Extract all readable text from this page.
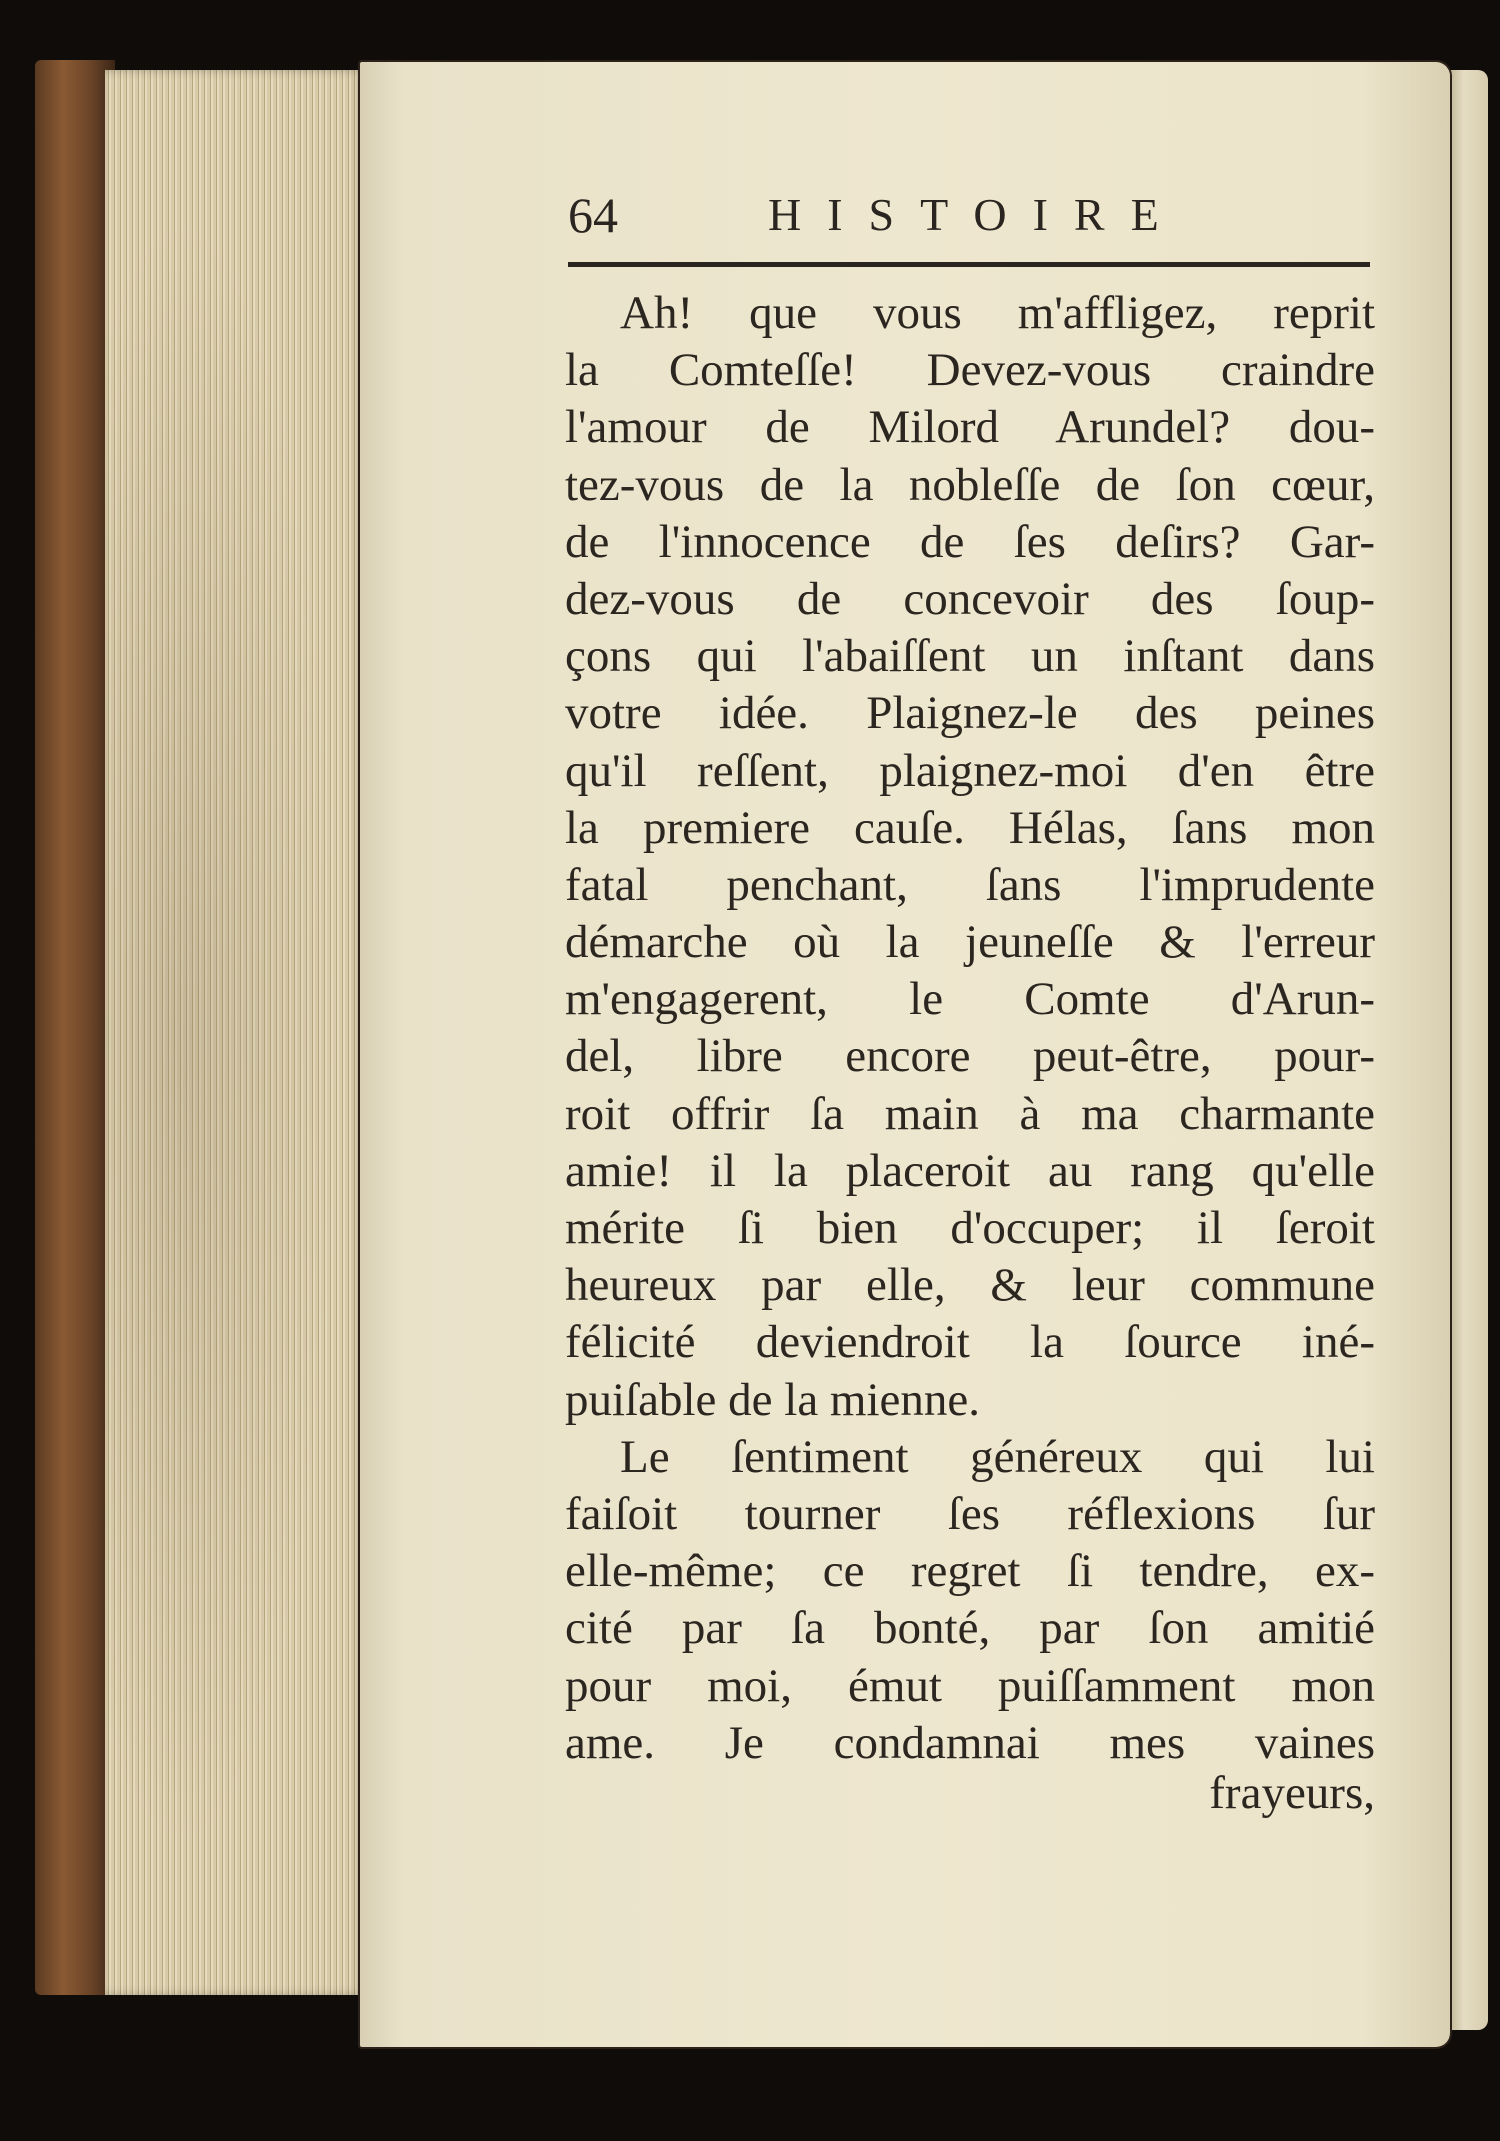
64	HISTOIRE
Ah! que vous m'affligez, reprit
la Comteſſe! Devez-vous craindre
l'amour de Milord Arundel? dou-
tez-vous de la nobleſſe de ſon cœur,
de l'innocence de ſes deſirs? Gar-
dez-vous de concevoir des ſoup-
çons qui l'abaiſſent un inſtant dans
votre idée. Plaignez-le des peines
qu'il reſſent, plaignez-moi d'en être
la premiere cauſe. Hélas, ſans mon
fatal penchant, ſans l'imprudente
démarche où la jeuneſſe & l'erreur
m'engagerent, le Comte d'Arun-
del, libre encore peut-être, pour-
roit offrir ſa main à ma charmante
amie! il la placeroit au rang qu'elle
mérite ſi bien d'occuper; il ſeroit
heureux par elle, & leur commune
félicité deviendroit la ſource iné-
puiſable de la mienne.
Le ſentiment généreux qui lui
faiſoit tourner ſes réflexions ſur
elle-même; ce regret ſi tendre, ex-
cité par ſa bonté, par ſon amitié
pour moi, émut puiſſamment mon
ame. Je condamnai mes vaines
frayeurs,
